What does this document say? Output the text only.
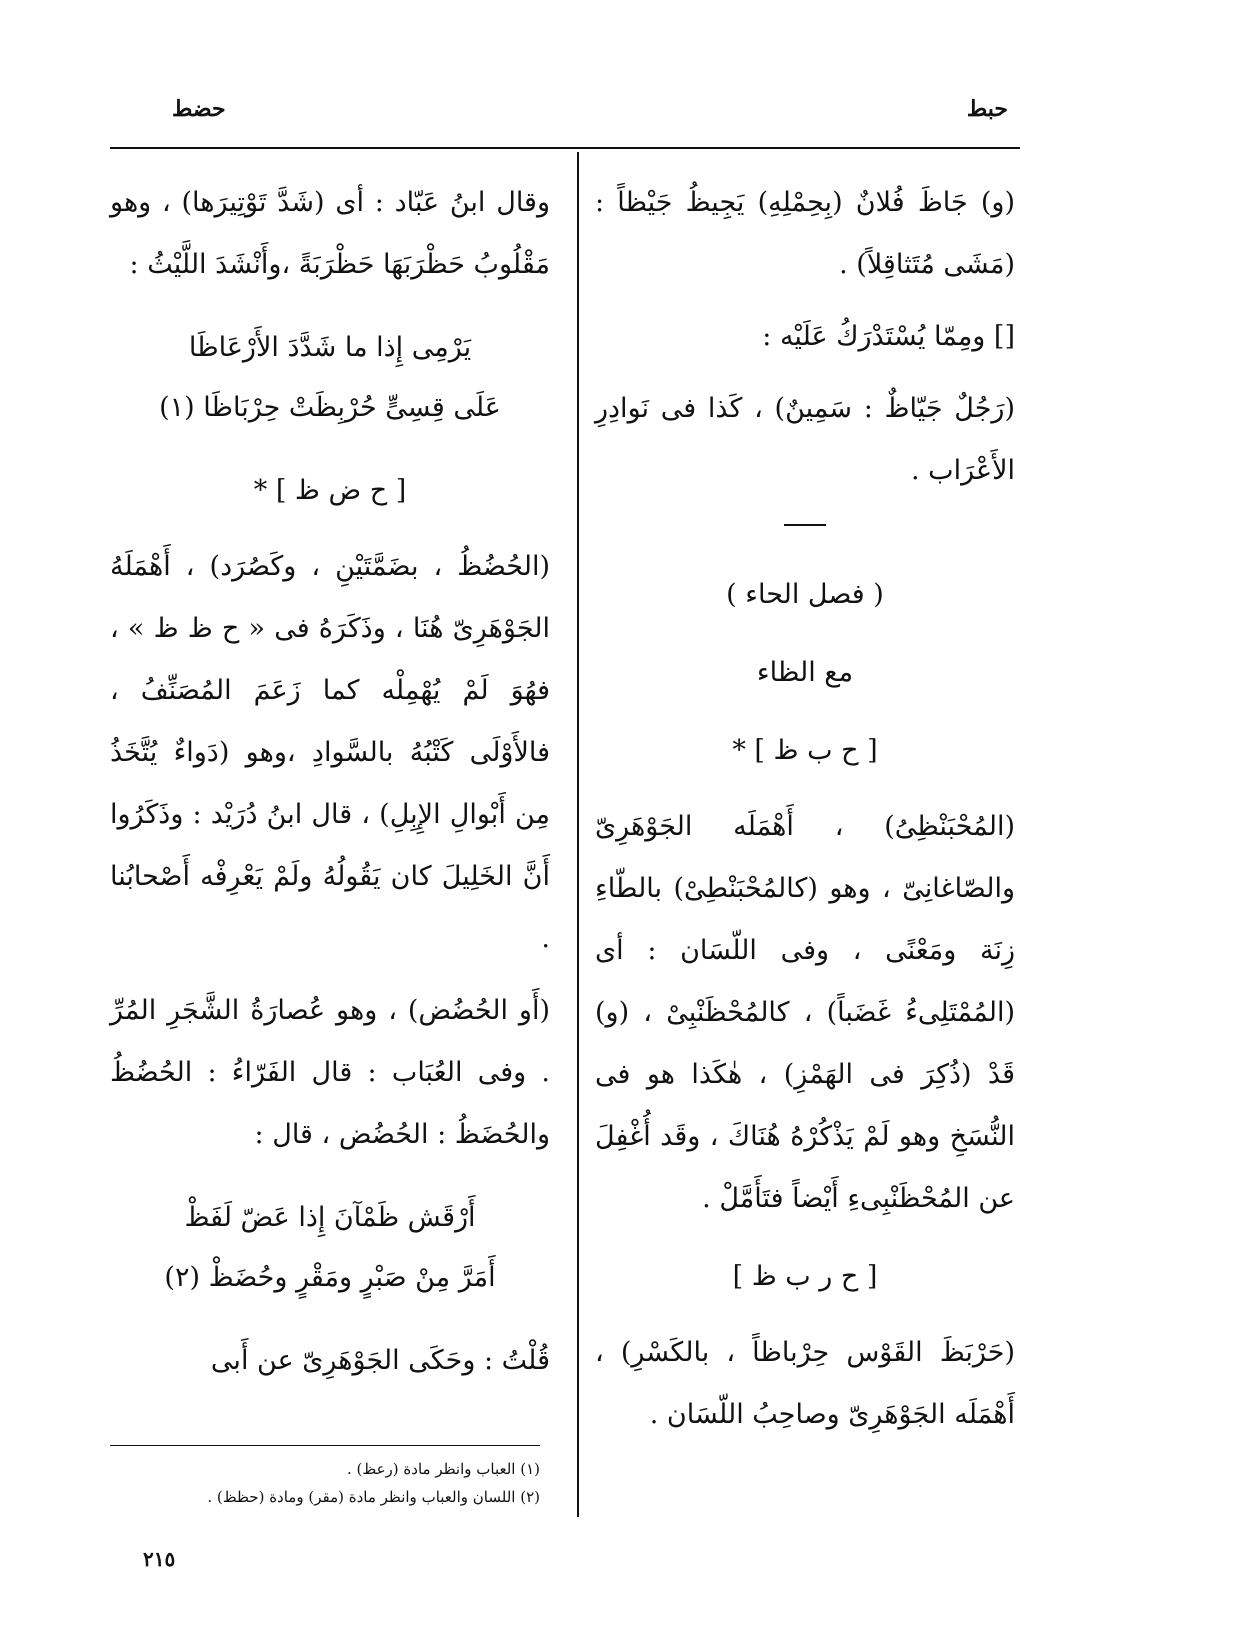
حبط
حضط

(و) جَاظَ فُلانٌ (بِحِمْلِهِ) يَجِيظُ جَيْظاً : (مَشَى مُتَثاقِلاً) .

[] ومِمّا يُسْتَدْرَكُ عَلَيْه :

(رَجُلٌ جَيّاظٌ : سَمِينٌ) ، كَذا فى نَوادِرِ الأَعْرَاب .

( فصل الحاء )
مع الظاء
[ ح ب ظ ] *

(المُحْبَنْظِىُ) ، أَهْمَلَه الجَوْهَرِىّ والصّاغانِىّ ، وهو (كالمُحْبَنْطِىْ) بالطّاءِ زِنَة ومَعْنًى ، وفى اللّسَان : أى (المُمْتَلِىءُ غَضَباً) ، كالمُحْظَنْبِىْ ، (و) قَدْ (ذُكِرَ فى الهَمْزِ) ، هٰكَذا هو فى النُّسَخِ وهو لَمْ يَذْكُرْهُ هُنَاكَ ، وقَد أُغْفِلَ عن المُحْظَنْبِىءِ أَيْضاً فتَأَمَّلْ .

[ ح ر ب ظ ]

(حَرْبَظَ القَوْس حِرْباظاً ، بالكَسْرِ) ، أَهْمَلَه الجَوْهَرِىّ وصاحِبُ اللّسَان .

وقال ابنُ عَبّاد : أى (شَدَّ تَوْتِيرَها) ، وهو مَقْلُوبُ حَظْرَبَهَا حَظْرَبَةً ،وأَنْشَدَ اللَّيْثُ :

يَرْمِى إِذا ما شَدَّدَ الأَرْعَاظَا
عَلَى قِسِىٍّ حُرْبِظَتْ حِرْبَاظَا (١)
[ ح ض ظ ] *

(الحُضُظُ ، بضَمَّتَيْنِ ، وكَصُرَد) ، أَهْمَلَهُ الجَوْهَرِىّ هُنَا ، وذَكَرَهُ فى « ح ظ ظ » ، فهُوَ لَمْ يُهْمِلْه كما زَعَمَ المُصَنِّفُ ، فالأَوْلَى كَتْبُهُ بالسَّوادِ ،وهو (دَواءٌ يُتَّخَذُ مِن أَبْوالِ الإِبِلِ) ، قال ابنُ دُرَيْد : وذَكَرُوا أَنَّ الخَلِيلَ كان يَقُولُهُ ولَمْ يَعْرِفْه أَصْحابُنا .

(أَو الحُضُض) ، وهو عُصارَةُ الشَّجَرِ المُرِّ . وفى العُبَاب : قال الفَرّاءُ : الحُضُظُ والحُضَظُ : الحُضُض ، قال :

أَرْقَش ظَمْآنَ إِذا عَضّ لَفَظْ
أَمَرَّ مِنْ صَبْرٍ ومَقْرٍ وحُضَظْ (٢)

قُلْتُ : وحَكَى الجَوْهَرِىّ عن أَبى

(١) العباب وانظر مادة (رعظ) .
(٢) اللسان والعباب وانظر مادة (مقر) ومادة (حظظ) .
٢١٥
